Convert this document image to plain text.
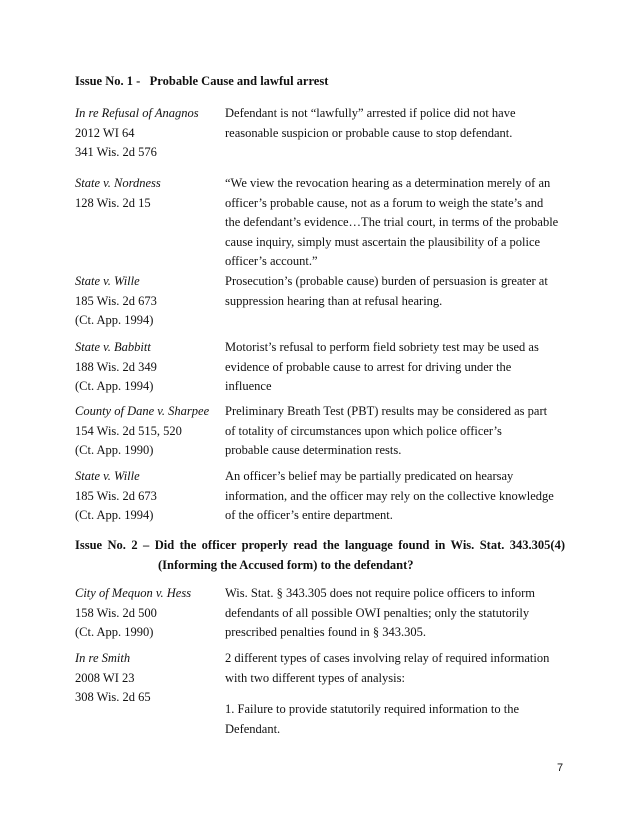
Issue No. 1 -   Probable Cause and lawful arrest
In re Refusal of Anagnos
2012 WI 64
341 Wis. 2d 576
Defendant is not “lawfully” arrested if police did not have
reasonable suspicion or probable cause to stop defendant.
State v. Nordness
128 Wis. 2d 15
“We view the revocation hearing as a determination merely of an
officer’s probable cause, not as a forum to weigh the state’s and
the defendant’s evidence…The trial court, in terms of the probable
cause inquiry, simply must ascertain the plausibility of a police
officer’s account.”
State v. Wille
185 Wis. 2d 673
(Ct. App. 1994)
Prosecution’s (probable cause) burden of persuasion is greater at
suppression hearing than at refusal hearing.
State v. Babbitt
188 Wis. 2d 349
(Ct. App. 1994)
Motorist’s refusal to perform field sobriety test may be used as
evidence of probable cause to arrest for driving under the
influence
County of Dane v. Sharpee
154 Wis. 2d 515, 520
(Ct. App. 1990)
Preliminary Breath Test (PBT) results may be considered as part
of totality of circumstances upon which police officer’s
probable cause determination rests.
State v. Wille
185 Wis. 2d 673
(Ct. App. 1994)
An officer’s belief may be partially predicated on hearsay
information, and the officer may rely on the collective knowledge
of the officer’s entire department.
Issue No. 2 – Did the officer properly read the language found in Wis. Stat. 343.305(4)
(Informing the Accused form) to the defendant?
City of Mequon v. Hess
158 Wis. 2d 500
(Ct. App. 1990)
Wis. Stat. § 343.305 does not require police officers to inform
defendants of all possible OWI penalties; only the statutorily
prescribed penalties found in § 343.305.
In re Smith
2008 WI 23
308 Wis. 2d 65
2 different types of cases involving relay of required information
with two different types of analysis:
1. Failure to provide statutorily required information to the
Defendant.
7
